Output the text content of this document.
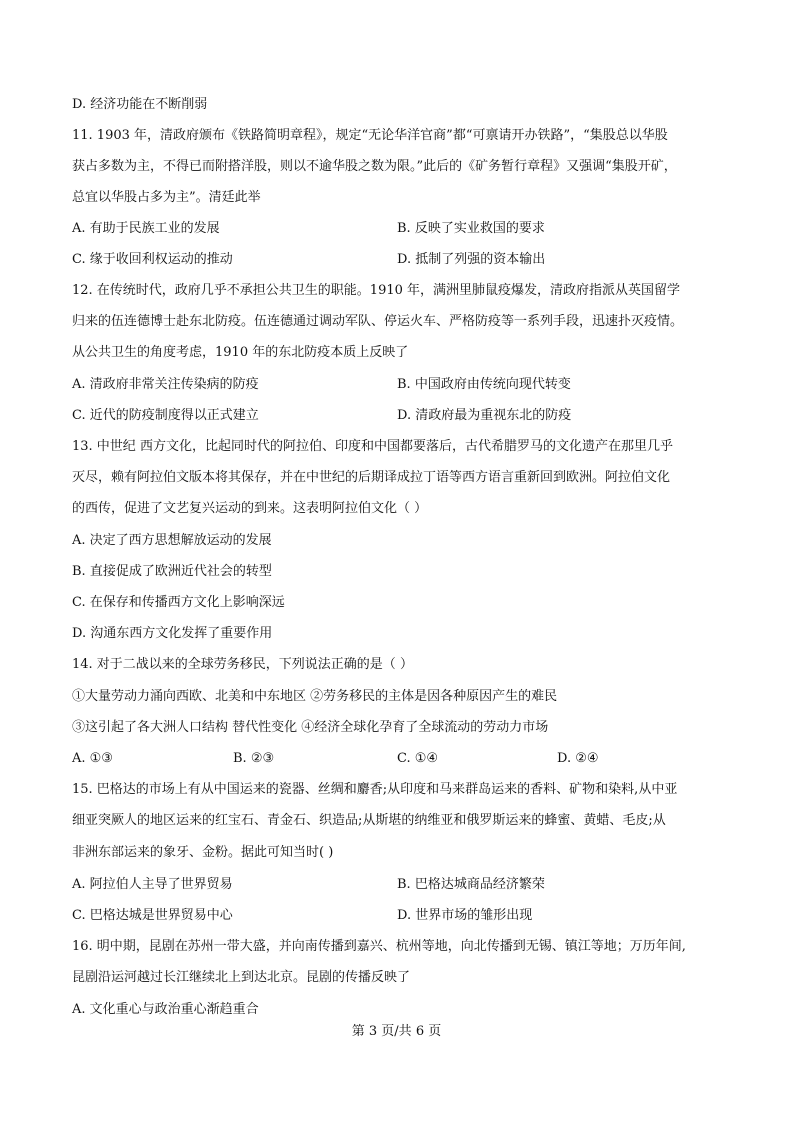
D. 经济功能在不断削弱
11. 1903 年，清政府颁布《铁路简明章程》，规定“无论华洋官商”都“可禀请开办铁路”，“集股总以华股
获占多数为主，不得已而附搭洋股，则以不逾华股之数为限。”此后的《矿务暂行章程》又强调“集股开矿，
总宜以华股占多为主”。清廷此举
A. 有助于民族工业的发展	B. 反映了实业救国的要求
C. 缘于收回利权运动的推动	D. 抵制了列强的资本输出
12. 在传统时代，政府几乎不承担公共卫生的职能。1910 年，满洲里肺鼠疫爆发，清政府指派从英国留学
归来的伍连德博士赴东北防疫。伍连德通过调动军队、停运火车、严格防疫等一系列手段，迅速扑灭疫情。
从公共卫生的角度考虑，1910 年的东北防疫本质上反映了
A. 清政府非常关注传染病的防疫	B. 中国政府由传统向现代转变
C. 近代的防疫制度得以正式建立	D. 清政府最为重视东北的防疫
13. 中世纪 西方文化，比起同时代的阿拉伯、印度和中国都要落后，古代希腊罗马的文化遗产在那里几乎
灭尽，赖有阿拉伯文版本将其保存，并在中世纪的后期译成拉丁语等西方语言重新回到欧洲。阿拉伯文化
的西传，促进了文艺复兴运动的到来。这表明阿拉伯文化（ ）
A. 决定了西方思想解放运动的发展
B. 直接促成了欧洲近代社会的转型
C. 在保存和传播西方文化上影响深远
D. 沟通东西方文化发挥了重要作用
14. 对于二战以来的全球劳务移民，下列说法正确的是（ ）
①大量劳动力涌向西欧、北美和中东地区 ②劳务移民的主体是因各种原因产生的难民
③这引起了各大洲人口结构 替代性变化 ④经济全球化孕育了全球流动的劳动力市场
A. ①③	B. ②③	C. ①④	D. ②④
15. 巴格达的市场上有从中国运来的瓷器、丝绸和麝香;从印度和马来群岛运来的香料、矿物和染料,从中亚
细亚突厥人的地区运来的红宝石、青金石、织造品;从斯堪的纳维亚和俄罗斯运来的蜂蜜、黄蜡、毛皮;从
非洲东部运来的象牙、金粉。据此可知当时( )
A. 阿拉伯人主导了世界贸易	B. 巴格达城商品经济繁荣
C. 巴格达城是世界贸易中心	D. 世界市场的雏形出现
16. 明中期，昆剧在苏州一带大盛，并向南传播到嘉兴、杭州等地，向北传播到无锡、镇江等地；万历年间,
昆剧沿运河越过长江继续北上到达北京。昆剧的传播反映了
A. 文化重心与政治重心渐趋重合
第 3 页/共 6 页
